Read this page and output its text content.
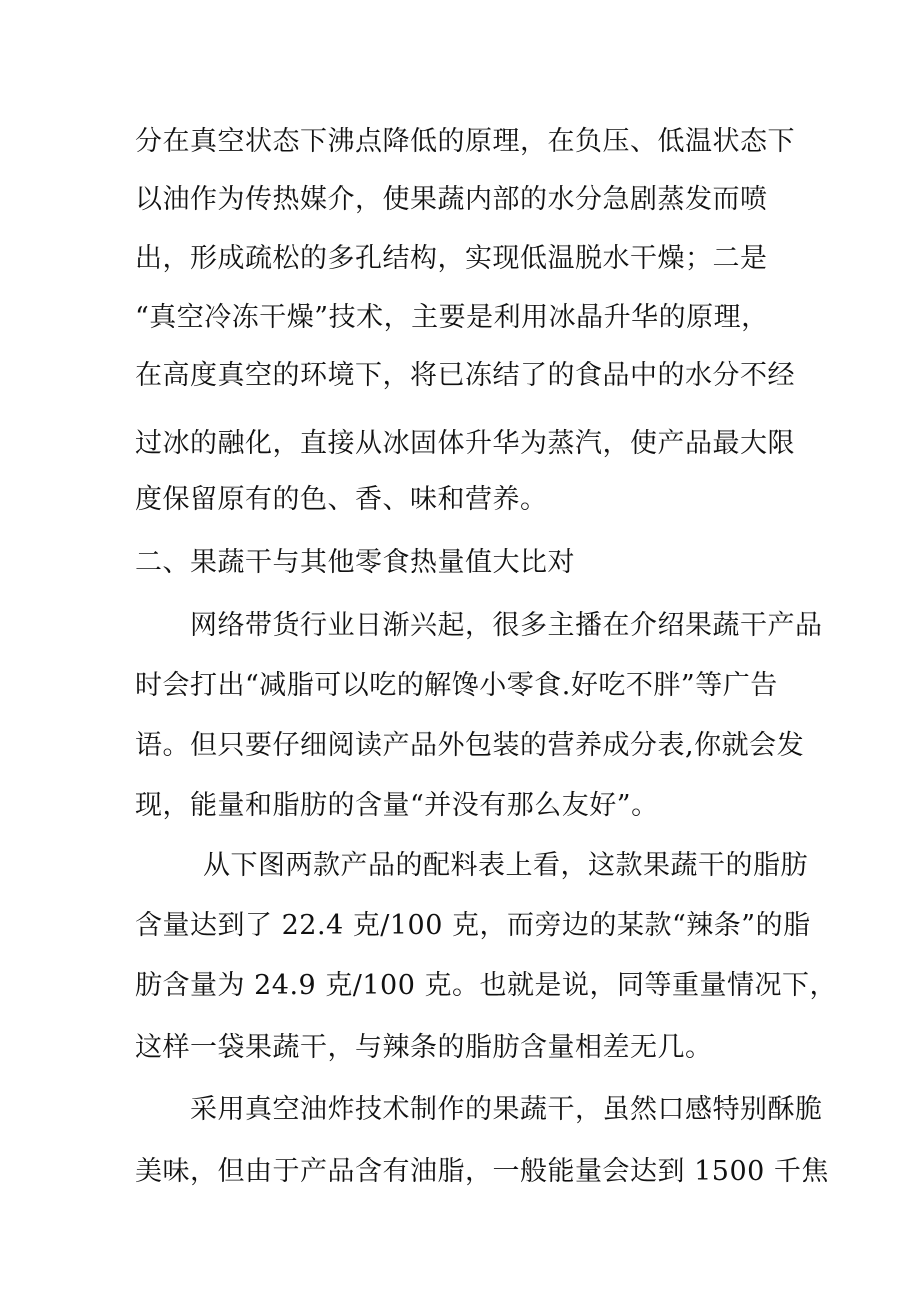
分在真空状态下沸点降低的原理，在负压、低温状态下
以油作为传热媒介，使果蔬内部的水分急剧蒸发而喷
出，形成疏松的多孔结构，实现低温脱水干燥；二是
“真空冷冻干燥”技术，主要是利用冰晶升华的原理，
在高度真空的环境下，将已冻结了的食品中的水分不经
过冰的融化，直接从冰固体升华为蒸汽，使产品最大限
度保留原有的色、香、味和营养。
二、果蔬干与其他零食热量值大比对
网络带货行业日渐兴起，很多主播在介绍果蔬干产品
时会打出“减脂可以吃的解馋小零食.好吃不胖”等广告
语。但只要仔细阅读产品外包装的营养成分表,你就会发
现，能量和脂肪的含量“并没有那么友好”。
从下图两款产品的配料表上看，这款果蔬干的脂肪
含量达到了 22.4 克/100 克，而旁边的某款“辣条”的脂
肪含量为 24.9 克/100 克。也就是说，同等重量情况下，
这样一袋果蔬干，与辣条的脂肪含量相差无几。
采用真空油炸技术制作的果蔬干，虽然口感特别酥脆
美味，但由于产品含有油脂，一般能量会达到 1500 千焦
